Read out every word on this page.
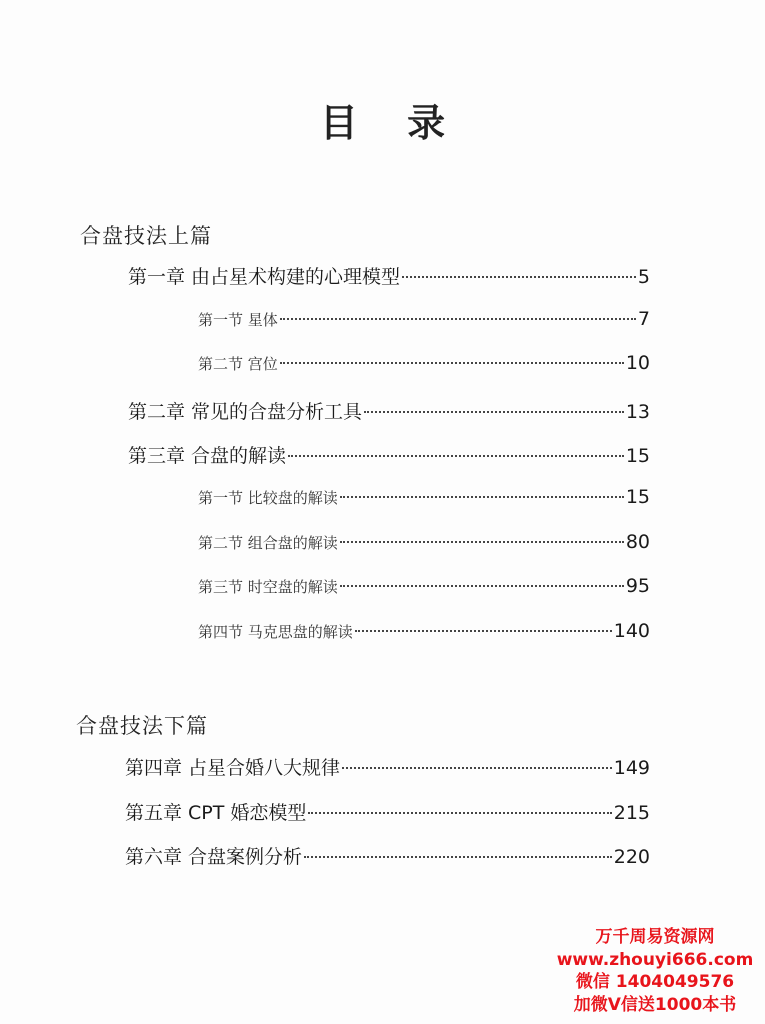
目 录
合盘技法上篇
第一章 由占星术构建的心理模型	5
第一节 星体	7
第二节 宫位	10
第二章 常见的合盘分析工具	13
第三章 合盘的解读	15
第一节 比较盘的解读	15
第二节 组合盘的解读	80
第三节 时空盘的解读	95
第四节 马克思盘的解读	140
合盘技法下篇
第四章 占星合婚八大规律	149
第五章 CPT 婚恋模型	215
第六章 合盘案例分析	220
万千周易资源网
www.zhouyi666.com
微信 1404049576
加微V信送1000本书
